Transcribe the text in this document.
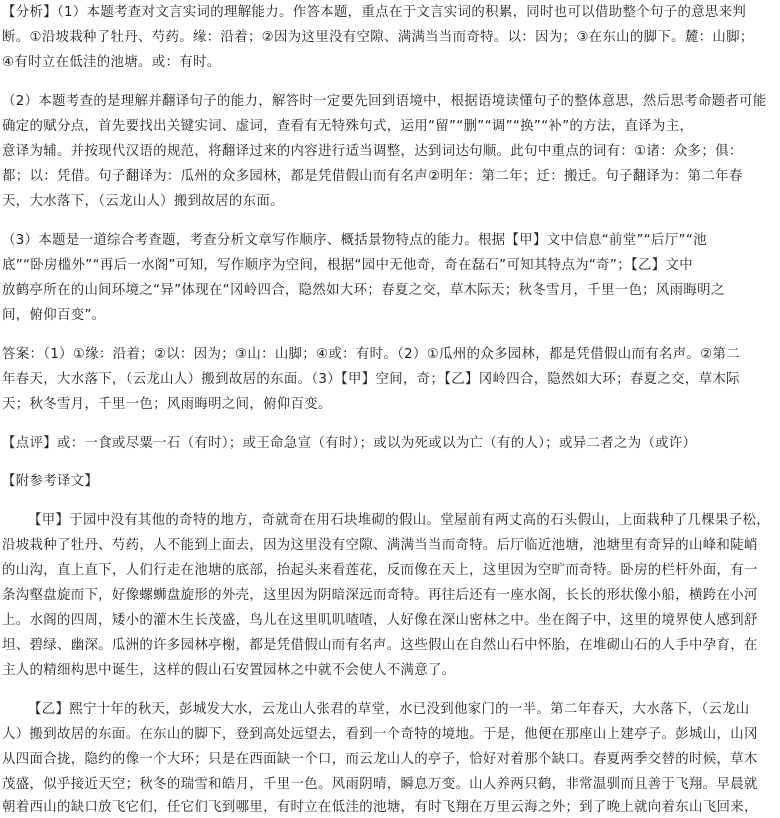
【分析】（1）本题考查对文言实词的理解能力。作答本题，重点在于文言实词的积累，同时也可以借助整个句子的意思来判
断。①沿坡栽种了牡丹、芍药。缘：沿着；②因为这里没有空隙、满满当当而奇特。以：因为；③在东山的脚下。麓：山脚；
④有时立在低洼的池塘。或：有时。
（2）本题考查的是理解并翻译句子的能力，解答时一定要先回到语境中，根据语境读懂句子的整体意思，然后思考命题者可能
确定的赋分点，首先要找出关键实词、虚词，查看有无特殊句式，运用“留”“删”“调”“换”“补”的方法，直译为主，
意译为辅。并按现代汉语的规范，将翻译过来的内容进行适当调整，达到词达句顺。此句中重点的词有：①诸：众多；俱：
都；以：凭借。句子翻译为：瓜州的众多园林，都是凭借假山而有名声②明年：第二年；迁：搬迁。句子翻译为：第二年春
天，大水落下，（云龙山人）搬到故居的东面。
（3）本题是一道综合考查题，考查分析文章写作顺序、概括景物特点的能力。根据【甲】文中信息“前堂”“后厅”“池
底”“卧房槛外”“再后一水阁”可知，写作顺序为空间，根据“园中无他奇，奇在磊石”可知其特点为“奇”；【乙】文中
放鹤亭所在的山间环境之“异”体现在“冈岭四合，隐然如大环；春夏之交，草木际天；秋冬雪月，千里一色；风雨晦明之
间，俯仰百变”。
答案：（1）①缘：沿着；②以：因为；③山：山脚；④或：有时。（2）①瓜州的众多园林，都是凭借假山而有名声。②第二
年春天，大水落下，（云龙山人）搬到故居的东面。（3）【甲】空间，奇；【乙】冈岭四合，隐然如大环；春夏之交，草木际
天；秋冬雪月，千里一色；风雨晦明之间，俯仰百变。
【点评】或：一食或尽粟一石（有时）；或王命急宣（有时）；或以为死或以为亡（有的人）；或异二者之为（或许）
【附参考译文】
【甲】于园中没有其他的奇特的地方，奇就奇在用石块堆砌的假山。堂屋前有两丈高的石头假山，上面栽种了几棵果子松，
沿坡栽种了牡丹、芍药，人不能到上面去，因为这里没有空隙、满满当当而奇特。后厅临近池塘，池塘里有奇异的山峰和陡峭
的山沟，直上直下，人们行走在池塘的底部，抬起头来看莲花，反而像在天上，这里因为空旷而奇特。卧房的栏杆外面，有一
条沟壑盘旋而下，好像螺蛳盘旋形的外壳，这里因为阴暗深远而奇特。再往后还有一座水阁，长长的形状像小船，横跨在小河
上。水阁的四周，矮小的灌木生长茂盛，鸟儿在这里叽叽喳喳，人好像在深山密林之中。坐在阁子中，这里的境界使人感到舒
坦、碧绿、幽深。瓜洲的许多园林亭榭，都是凭借假山而有名声。这些假山在自然山石中怀胎，在堆砌山石的人手中孕育，在
主人的精细构思中诞生，这样的假山石安置园林之中就不会使人不满意了。
【乙】熙宁十年的秋天，彭城发大水，云龙山人张君的草堂，水已没到他家门的一半。第二年春天，大水落下，（云龙山
人）搬到故居的东面。在东山的脚下，登到高处远望去，看到一个奇特的境地。于是，他便在那座山上建亭子。彭城山，山冈
从四面合拢，隐约的像一个大环；只是在西面缺一个口，而云龙山人的亭子，恰好对着那个缺口。春夏两季交替的时候，草木
茂盛，似乎接近天空；秋冬的瑞雪和皓月，千里一色。风雨阴晴，瞬息万变。山人养两只鹤，非常温驯而且善于飞翔。早晨就
朝着西山的缺口放飞它们，任它们飞到哪里，有时立在低洼的池塘，有时飞翔在万里云海之外；到了晚上就向着东山飞回来，
